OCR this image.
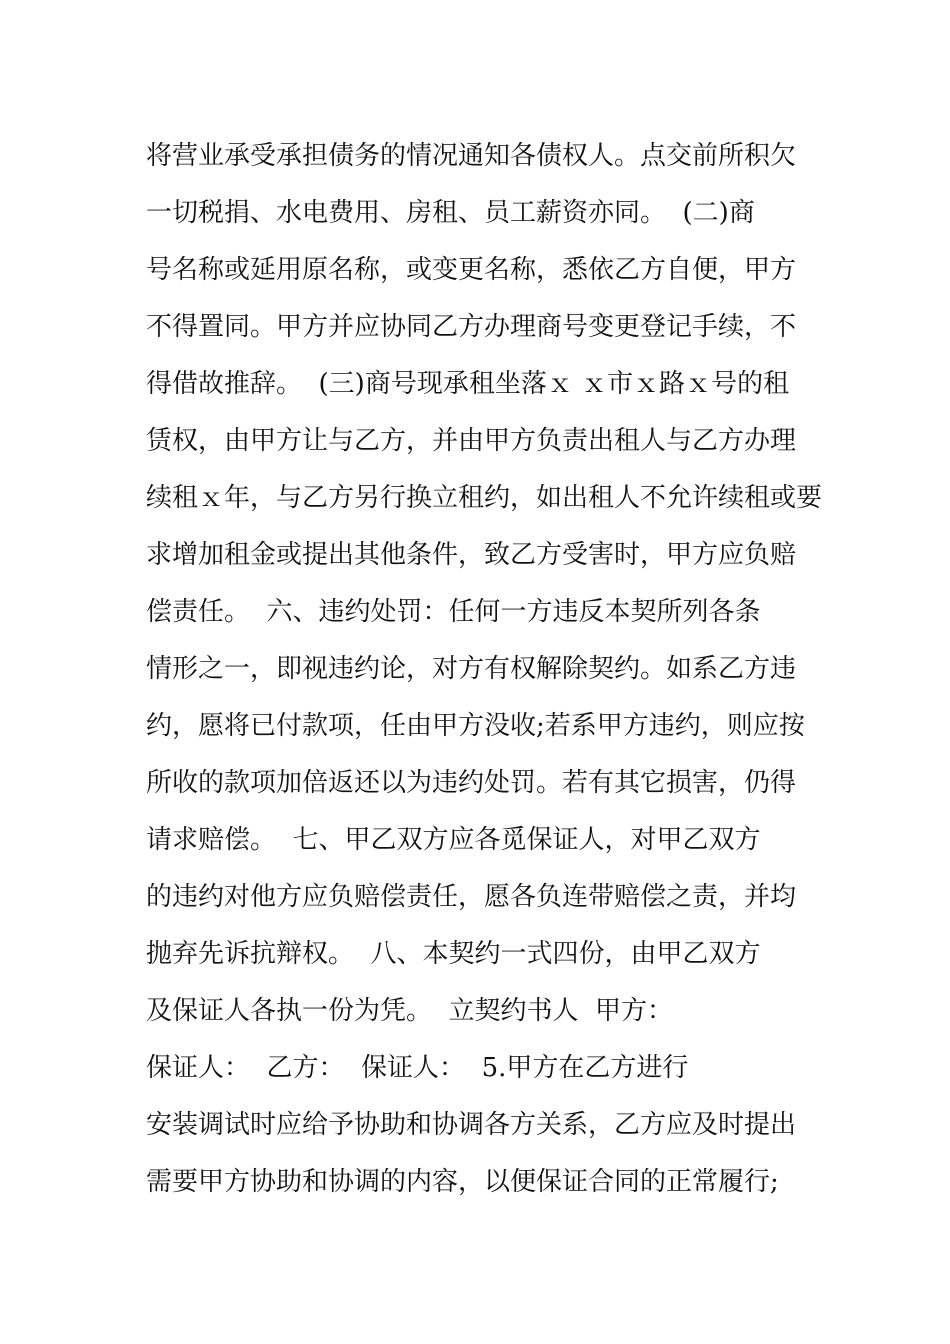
将营业承受承担债务的情况通知各债权人。点交前所积欠
一切税捐、水电费用、房租、员工薪资亦同。  (二)商
号名称或延用原名称，或变更名称，悉依乙方自便，甲方
不得置同。甲方并应协同乙方办理商号变更登记手续，不
得借故推辞。  (三)商号现承租坐落ｘ ｘ市ｘ路ｘ号的租
赁权，由甲方让与乙方，并由甲方负责出租人与乙方办理
续租ｘ年，与乙方另行换立租约，如出租人不允许续租或要
求增加租金或提出其他条件，致乙方受害时，甲方应负赔
偿责任。  六、违约处罚：任何一方违反本契所列各条
情形之一，即视违约论，对方有权解除契约。如系乙方违
约，愿将已付款项，任由甲方没收;若系甲方违约，则应按
所收的款项加倍返还以为违约处罚。若有其它损害，仍得
请求赔偿。  七、甲乙双方应各觅保证人，对甲乙双方
的违约对他方应负赔偿责任，愿各负连带赔偿之责，并均
抛弃先诉抗辩权。  八、本契约一式四份，由甲乙双方
及保证人各执一份为凭。  立契约书人  甲方：
保证人：  乙方：  保证人：  5.甲方在乙方进行
安装调试时应给予协助和协调各方关系，乙方应及时提出
需要甲方协助和协调的内容，以便保证合同的正常履行;
